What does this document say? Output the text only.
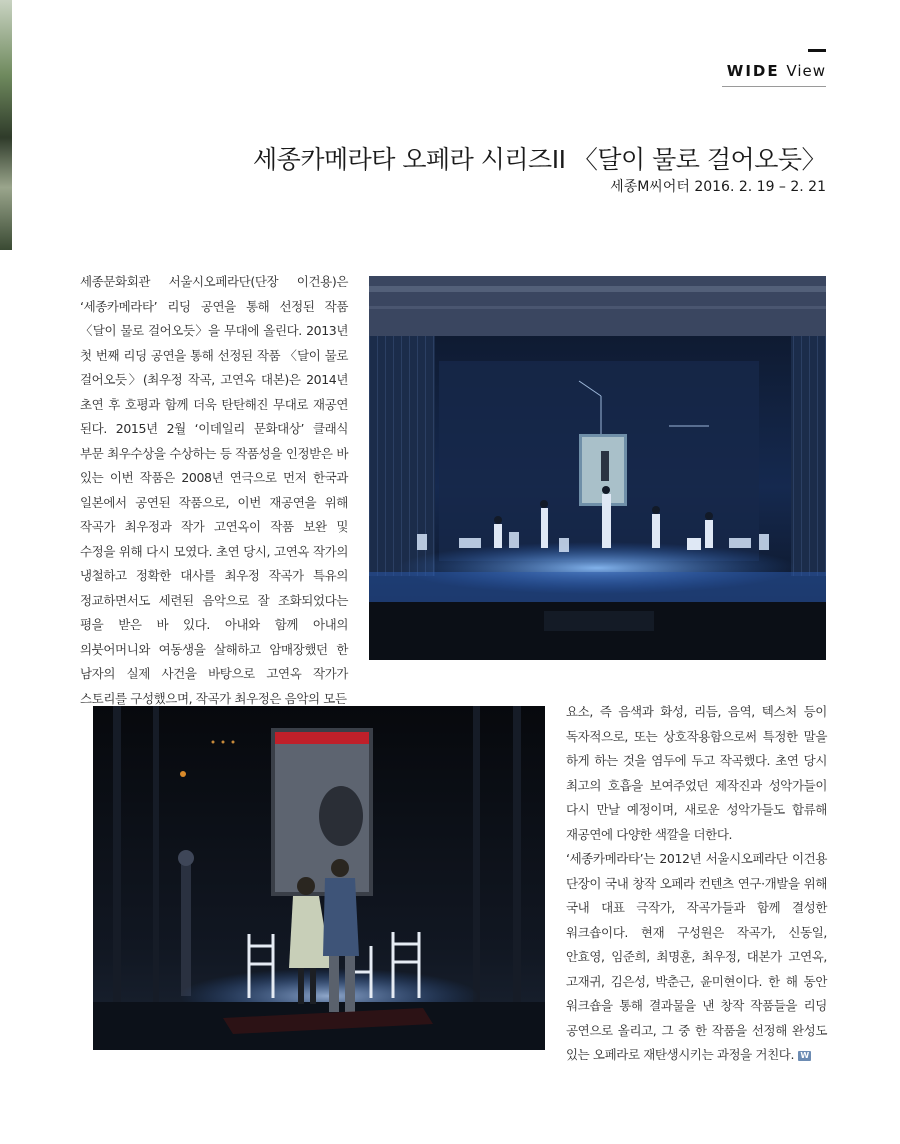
WIDE View
세종카메라타 오페라 시리즈II 〈달이 물로 걸어오듯〉
세종M씨어터 2016. 2. 19 – 2. 21
세종문화회관 서울시오페라단(단장 이건용)은 ‘세종카메라타’ 리딩 공연을 통해 선정된 작품 〈달이 물로 걸어오듯〉을 무대에 올린다. 2013년 첫 번째 리딩 공연을 통해 선정된 작품 〈달이 물로 걸어오듯〉(최우정 작곡, 고연옥 대본)은 2014년 초연 후 호평과 함께 더욱 탄탄해진 무대로 재공연 된다. 2015년 2월 ‘이데일리 문화대상’ 클래식 부문 최우수상을 수상하는 등 작품성을 인정받은 바 있는 이번 작품은 2008년 연극으로 먼저 한국과 일본에서 공연된 작품으로, 이번 재공연을 위해 작곡가 최우정과 작가 고연옥이 작품 보완 및 수정을 위해 다시 모였다. 초연 당시, 고연옥 작가의 냉철하고 정확한 대사를 최우정 작곡가 특유의 정교하면서도 세련된 음악으로 잘 조화되었다는 평을 받은 바 있다. 아내와 함께 아내의 의붓어머니와 여동생을 살해하고 암매장했던 한 남자의 실제 사건을 바탕으로 고연옥 작가가 스토리를 구성했으며, 작곡가 최우정은 음악의 모든

요소, 즉 음색과 화성, 리듬, 음역, 텍스처 등이 독자적으로, 또는 상호작용함으로써 특정한 말을 하게 하는 것을 염두에 두고 작곡했다. 초연 당시 최고의 호흡을 보여주었던 제작진과 성악가들이 다시 만날 예정이며, 새로운 성악가들도 합류해 재공연에 다양한 색깔을 더한다.

‘세종카메라타’는 2012년 서울시오페라단 이건용 단장이 국내 창작 오페라 컨텐츠 연구·개발을 위해 국내 대표 극작가, 작곡가들과 함께 결성한 워크숍이다. 현재 구성원은 작곡가, 신동일, 안효영, 임준희, 최명훈, 최우정, 대본가 고연옥, 고재귀, 김은성, 박춘근, 윤미현이다. 한 해 동안 워크숍을 통해 결과물을 낸 창작 작품들을 리딩 공연으로 올리고, 그 중 한 작품을 선정해 완성도 있는 오페라로 재탄생시키는 과정을 거친다. W
